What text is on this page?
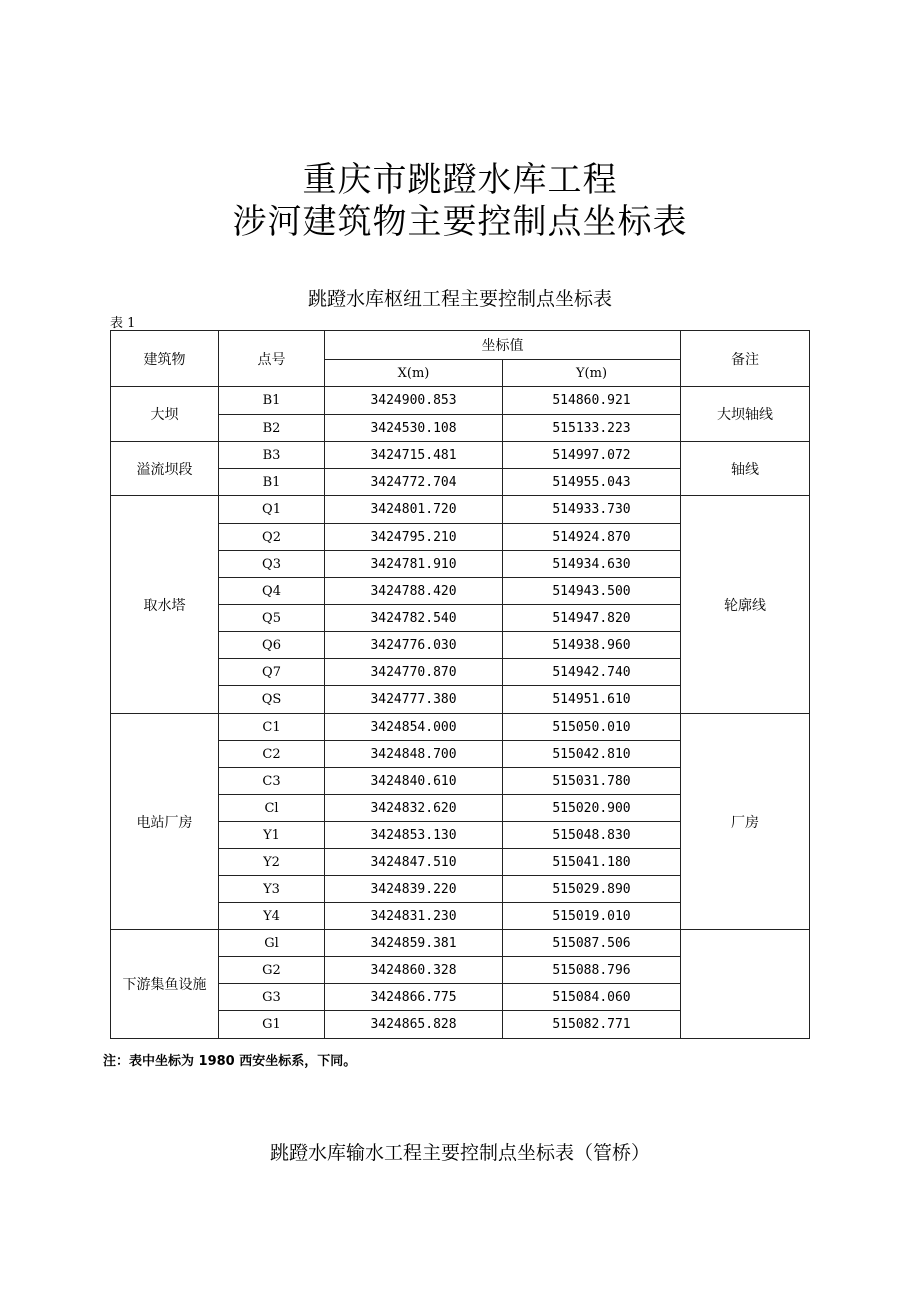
重庆市跳蹬水库工程
涉河建筑物主要控制点坐标表
跳蹬水库枢纽工程主要控制点坐标表
表 1
建筑物	点号	坐标值		备注
		X(m)	Y(m)	
大坝	B1	3424900.853	514860.921	大坝轴线
	B2	3424530.108	515133.223	
溢流坝段	B3	3424715.481	514997.072	轴线
	B1	3424772.704	514955.043	
取水塔	Q1	3424801.720	514933.730	轮廓线
	Q2	3424795.210	514924.870	
	Q3	3424781.910	514934.630	
	Q4	3424788.420	514943.500	
	Q5	3424782.540	514947.820	
	Q6	3424776.030	514938.960	
	Q7	3424770.870	514942.740	
	QS	3424777.380	514951.610	
电站厂房	C1	3424854.000	515050.010	厂房
	C2	3424848.700	515042.810	
	C3	3424840.610	515031.780	
	Cl	3424832.620	515020.900	
	Y1	3424853.130	515048.830	
	Y2	3424847.510	515041.180	
	Y3	3424839.220	515029.890	
	Y4	3424831.230	515019.010	
下游集鱼设施	Gl	3424859.381	515087.506	
	G2	3424860.328	515088.796	
	G3	3424866.775	515084.060	
	G1	3424865.828	515082.771	
注：表中坐标为 1980 西安坐标系，下同。
跳蹬水库输水工程主要控制点坐标表（管桥）
